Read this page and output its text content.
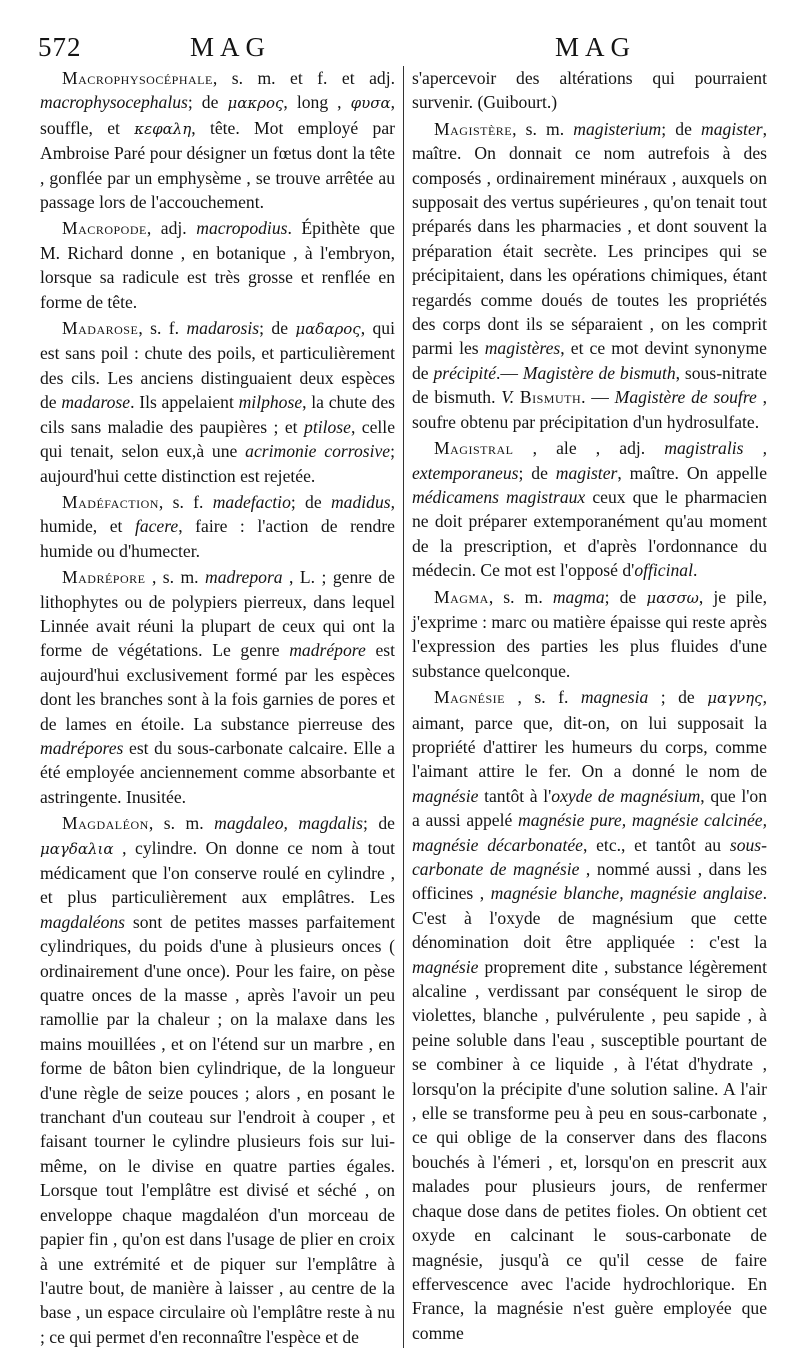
572	MAG	MAG

Macrophysocéphale, s. m. et f. et adj. macrophysocephalus; de μακρος, long , φυσα, souffle, et κεφαλη, tête. Mot employé par Ambroise Paré pour désigner un fœtus dont la tête , gonflée par un emphysème , se trouve arrêtée au passage lors de l'accouchement.

Macropode, adj. macropodius. Épithète que M. Richard donne , en botanique , à l'embryon, lorsque sa radicule est très grosse et renflée en forme de tête.

Madarose, s. f. madarosis; de μαδαρος, qui est sans poil : chute des poils, et particulièrement des cils. Les anciens distinguaient deux espèces de madarose. Ils appelaient milphose, la chute des cils sans maladie des paupières ; et ptilose, celle qui tenait, selon eux,à une acrimonie corrosive; aujourd'hui cette distinction est rejetée.

Madéfaction, s. f. madefactio; de madidus, humide, et facere, faire : l'action de rendre humide ou d'humecter.

Madrépore , s. m. madrepora , L. ; genre de lithophytes ou de polypiers pierreux, dans lequel Linnée avait réuni la plupart de ceux qui ont la forme de végétations. Le genre madrépore est aujourd'hui exclusivement formé par les espèces dont les branches sont à la fois garnies de pores et de lames en étoile. La substance pierreuse des madrépores est du sous-carbonate calcaire. Elle a été employée anciennement comme absorbante et astringente. Inusitée.

Magdaléon, s. m. magdaleo, magdalis; de μαγδαλια , cylindre. On donne ce nom à tout médicament que l'on conserve roulé en cylindre , et plus particulièrement aux emplâtres. Les magdaléons sont de petites masses parfaitement cylindriques, du poids d'une à plusieurs onces ( ordinairement d'une once). Pour les faire, on pèse quatre onces de la masse , après l'avoir un peu ramollie par la chaleur ; on la malaxe dans les mains mouillées , et on l'étend sur un marbre , en forme de bâton bien cylindrique, de la longueur d'une règle de seize pouces ; alors , en posant le tranchant d'un couteau sur l'endroit à couper , et faisant tourner le cylindre plusieurs fois sur lui-même, on le divise en quatre parties égales. Lorsque tout l'emplâtre est divisé et séché , on enveloppe chaque magdaléon d'un morceau de papier fin , qu'on est dans l'usage de plier en croix à une extrémité et de piquer sur l'emplâtre à l'autre bout, de manière à laisser , au centre de la base , un espace circulaire où l'emplâtre reste à nu ; ce qui permet d'en reconnaître l'espèce et de

s'apercevoir des altérations qui pourraient survenir. (Guibourt.)

Magistère, s. m. magisterium; de magister, maître. On donnait ce nom autrefois à des composés , ordinairement minéraux , auxquels on supposait des vertus supérieures , qu'on tenait tout préparés dans les pharmacies , et dont souvent la préparation était secrète. Les principes qui se précipitaient, dans les opérations chimiques, étant regardés comme doués de toutes les propriétés des corps dont ils se séparaient , on les comprit parmi les magistères, et ce mot devint synonyme de précipité.— Magistère de bismuth, sous-nitrate de bismuth. V. Bismuth. — Magistère de soufre , soufre obtenu par précipitation d'un hydrosulfate.

Magistral , ale , adj. magistralis , extemporaneus; de magister, maître. On appelle médicamens magistraux ceux que le pharmacien ne doit préparer extemporanément qu'au moment de la prescription, et d'après l'ordonnance du médecin. Ce mot est l'opposé d'officinal.

Magma, s. m. magma; de μασσω, je pile, j'exprime : marc ou matière épaisse qui reste après l'expression des parties les plus fluides d'une substance quelconque.

Magnésie , s. f. magnesia ; de μαγνης, aimant, parce que, dit-on, on lui supposait la propriété d'attirer les humeurs du corps, comme l'aimant attire le fer. On a donné le nom de magnésie tantôt à l'oxyde de magnésium, que l'on a aussi appelé magnésie pure, magnésie calcinée, magnésie décarbonatée, etc., et tantôt au sous-carbonate de magnésie , nommé aussi , dans les officines , magnésie blanche, magnésie anglaise. C'est à l'oxyde de magnésium que cette dénomination doit être appliquée : c'est la magnésie proprement dite , substance légèrement alcaline , verdissant par conséquent le sirop de violettes, blanche , pulvérulente , peu sapide , à peine soluble dans l'eau , susceptible pourtant de se combiner à ce liquide , à l'état d'hydrate , lorsqu'on la précipite d'une solution saline. A l'air , elle se transforme peu à peu en sous-carbonate , ce qui oblige de la conserver dans des flacons bouchés à l'émeri , et, lorsqu'on en prescrit aux malades pour plusieurs jours, de renfermer chaque dose dans de petites fioles. On obtient cet oxyde en calcinant le sous-carbonate de magnésie, jusqu'à ce qu'il cesse de faire effervescence avec l'acide hydrochlorique. En France, la magnésie n'est guère employée que comme
